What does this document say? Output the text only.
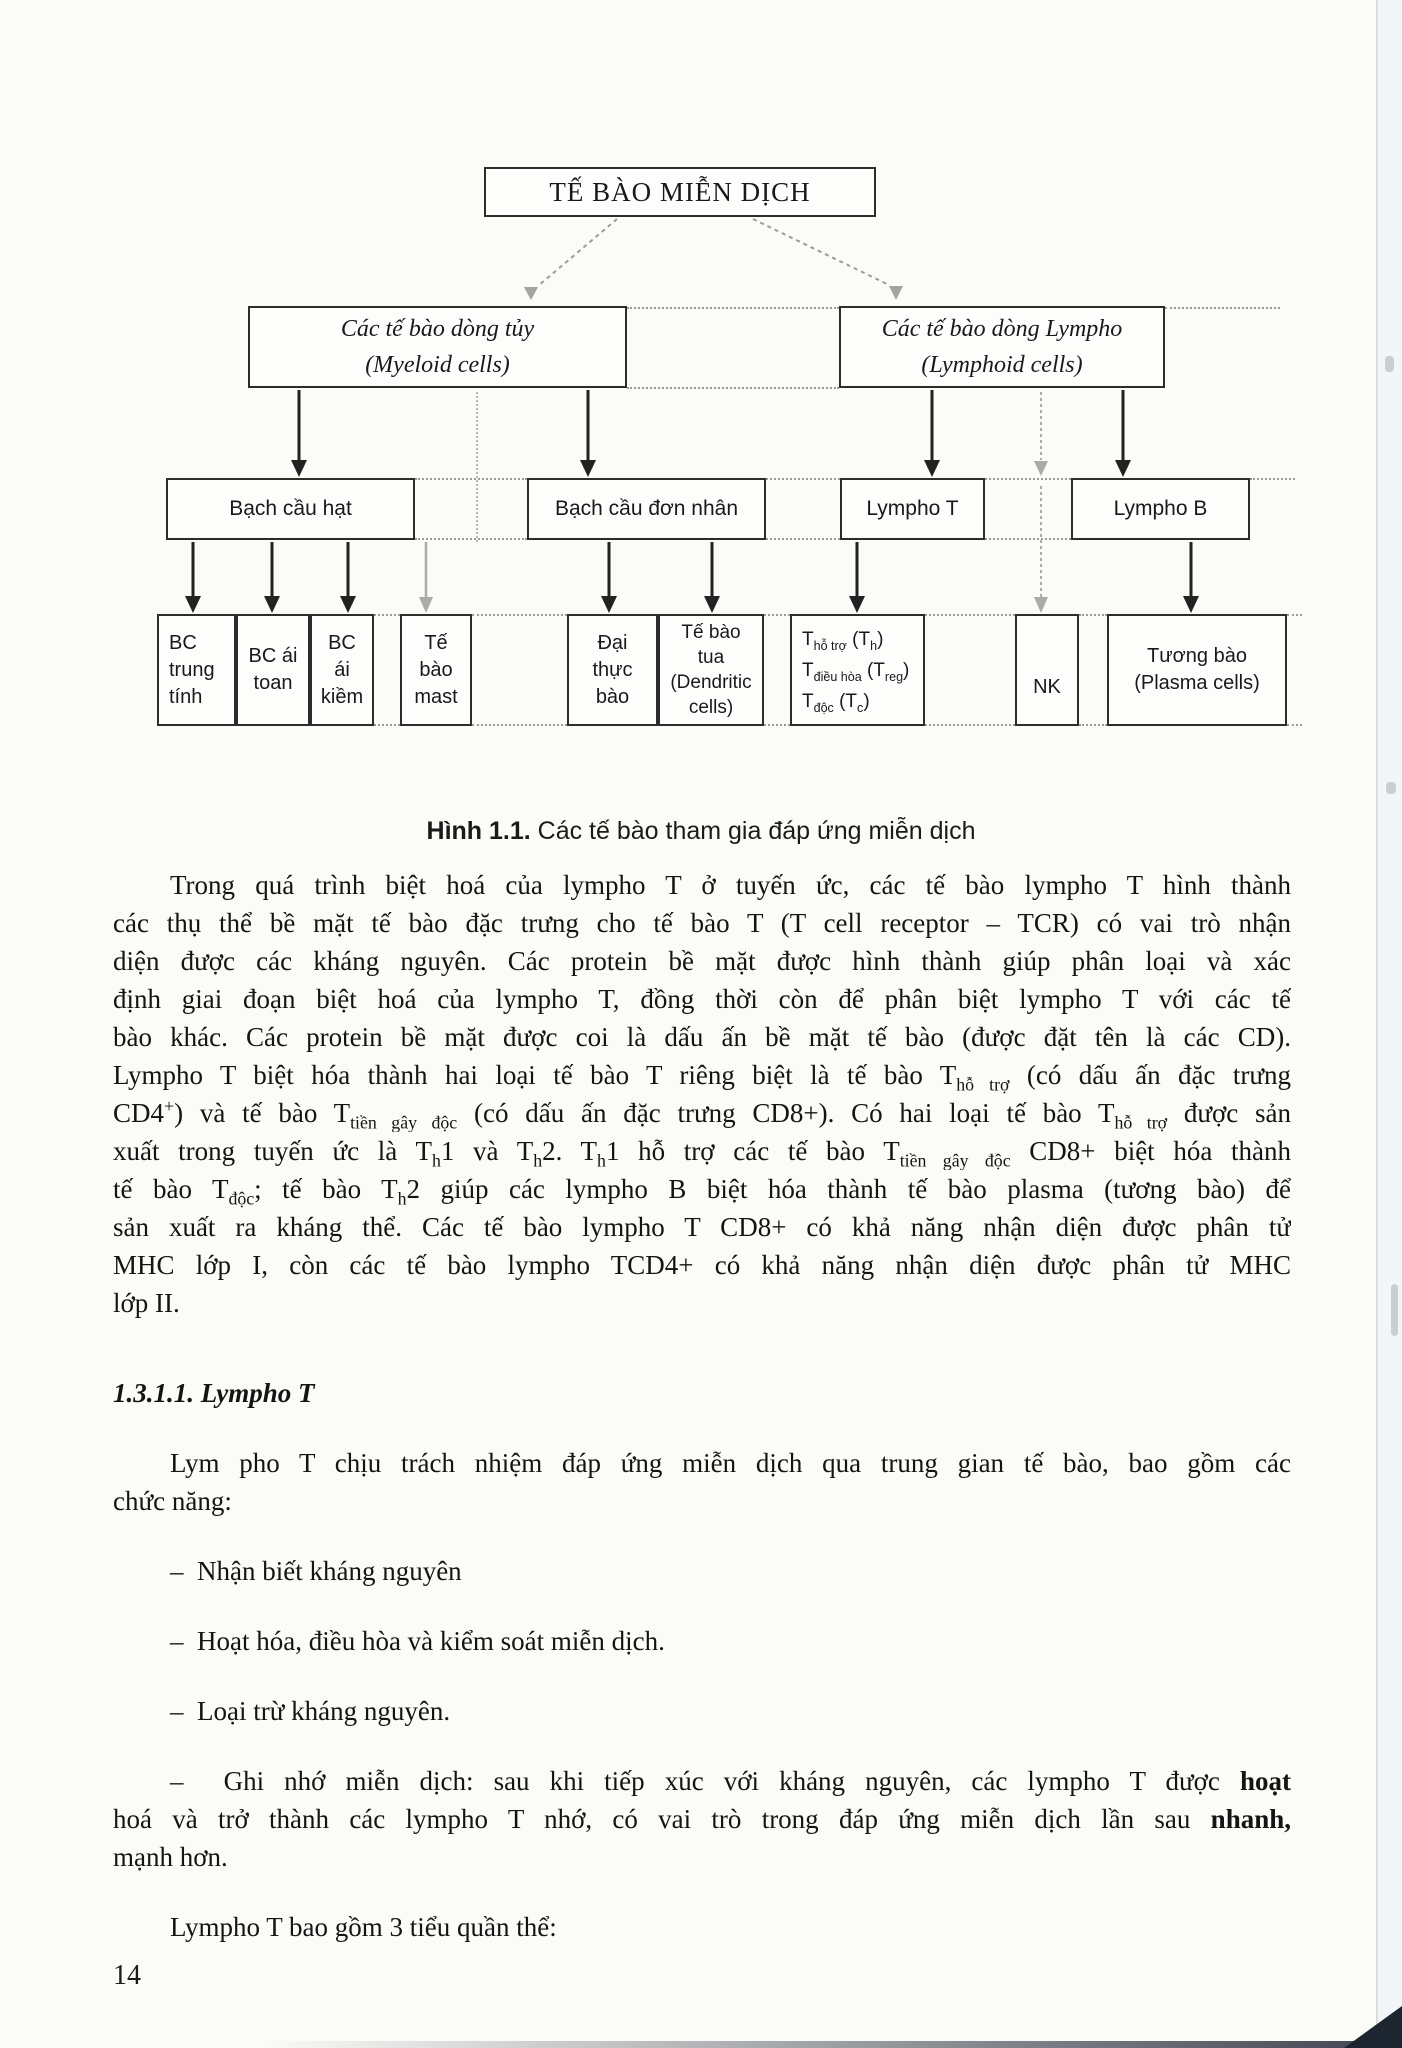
TẾ BÀO MIỄN DỊCH
Các tế bào dòng tủy
(Myeloid cells)
Các tế bào dòng Lympho
(Lymphoid cells)
Bạch cầu hạt	Bạch cầu đơn nhân	Lympho T	Lympho B
BC
trung
tính
BC ái
toan
BC
ái
kiềm
Tế
bào
mast
Đại
thực
bào
Tế bào
tua
(Dendritic
cells)
$T_{hỗ trợ}$ $(T_h)$
$T_{điều hòa}$ $(T_{reg})$
$T_{độc}$ $(T_c)$
NK
Tương bào
(Plasma cells)
Hình 1.1. Các tế bào tham gia đáp ứng miễn dịch
Trong quá trình biệt hoá của lympho T ở tuyến ức, các tế bào lympho T hình thành
các thụ thể bề mặt tế bào đặc trưng cho tế bào T (T cell receptor – TCR) có vai trò nhận
diện được các kháng nguyên. Các protein bề mặt được hình thành giúp phân loại và xác
định giai đoạn biệt hoá của lympho T, đồng thời còn để phân biệt lympho T với các tế
bào khác. Các protein bề mặt được coi là dấu ấn bề mặt tế bào (được đặt tên là các CD).
Lympho T biệt hóa thành hai loại tế bào T riêng biệt là tế bào $T_{hỗ trợ}$ (có dấu ấn đặc trưng
CD4+) và tế bào $T_{tiền gây độc}$ (có dấu ấn đặc trưng CD8+). Có hai loại tế bào $T_{hỗ trợ}$ được sản
xuất trong tuyến ức là $T_h1$ và $T_h2$. $T_h1$ hỗ trợ các tế bào $T_{tiền gây độc}$ CD8+ biệt hóa thành
tế bào $T_{độc}$; tế bào $T_h2$ giúp các lympho B biệt hóa thành tế bào plasma (tương bào) để
sản xuất ra kháng thể. Các tế bào lympho T CD8+ có khả năng nhận diện được phân tử
MHC lớp I, còn các tế bào lympho TCD4+ có khả năng nhận diện được phân tử MHC
lớp II.
1.3.1.1. Lympho T
Lym pho T chịu trách nhiệm đáp ứng miễn dịch qua trung gian tế bào, bao gồm các
chức năng:
–  Nhận biết kháng nguyên
–  Hoạt hóa, điều hòa và kiểm soát miễn dịch.
–  Loại trừ kháng nguyên.
–  Ghi nhớ miễn dịch: sau khi tiếp xúc với kháng nguyên, các lympho T được hoạt
hoá và trở thành các lympho T nhớ, có vai trò trong đáp ứng miễn dịch lần sau nhanh,
mạnh hơn.
Lympho T bao gồm 3 tiểu quần thể:
14
